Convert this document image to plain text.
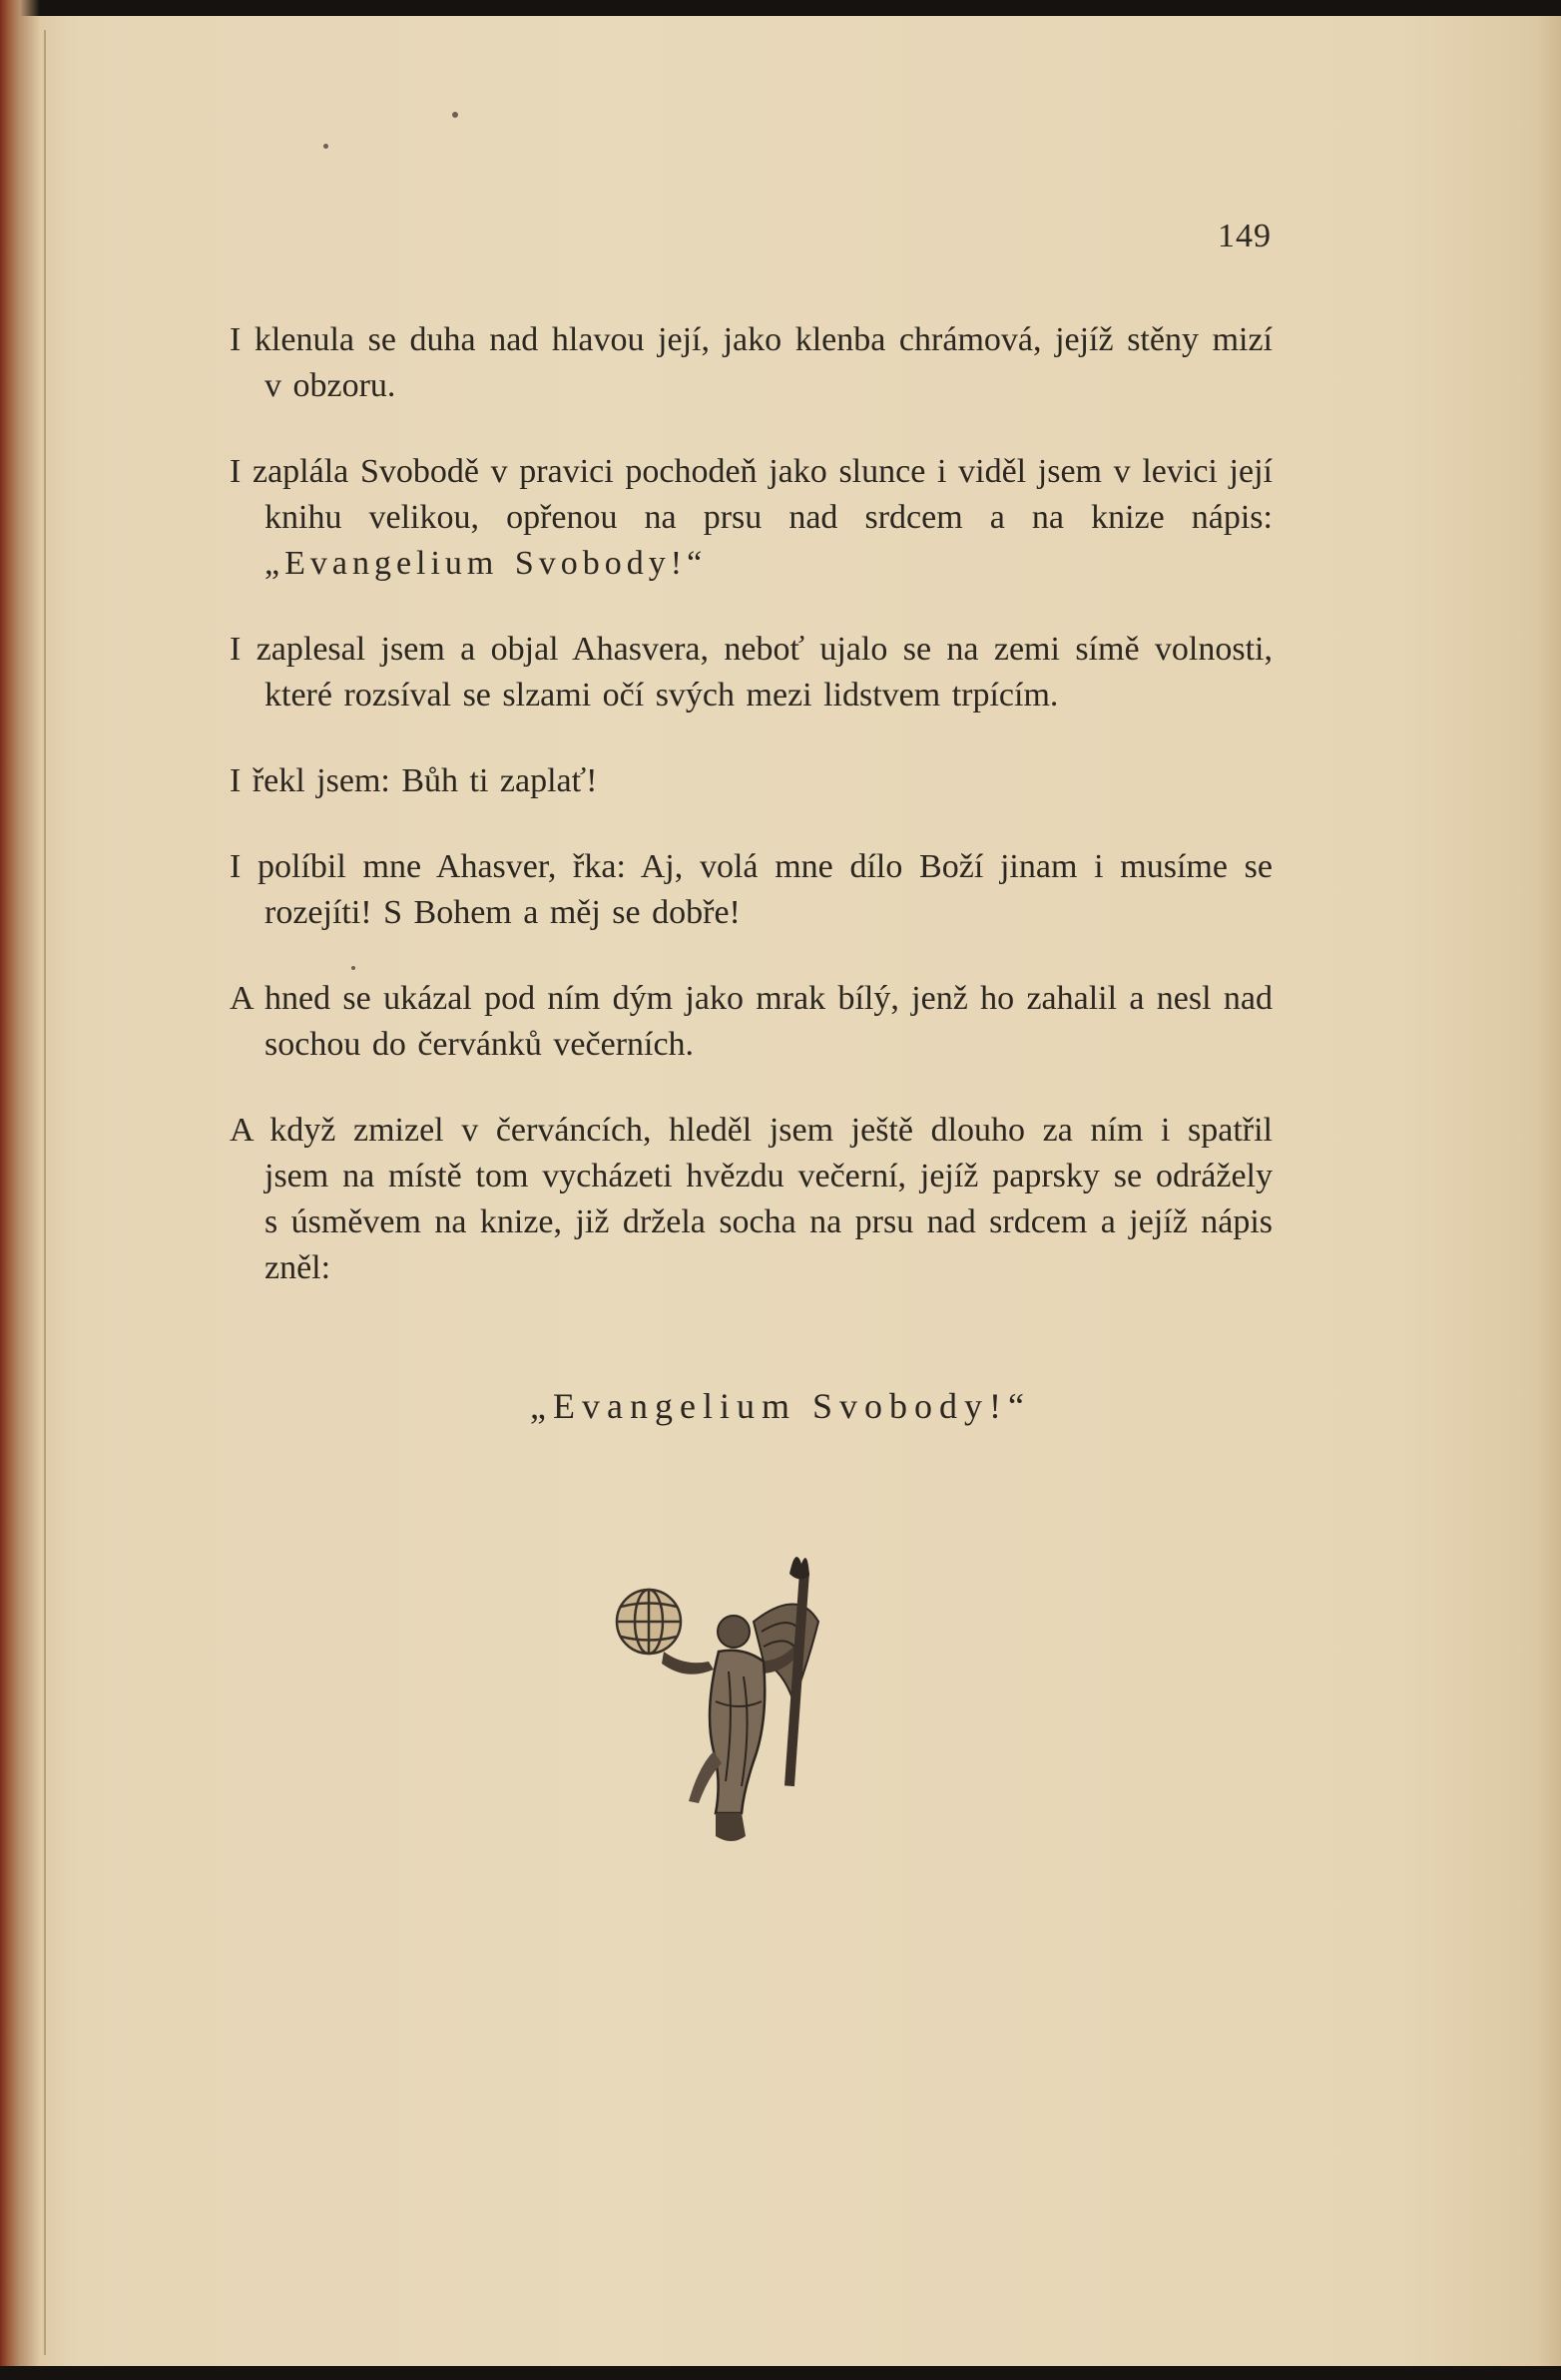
149

I klenula se duha nad hlavou její, jako klenba chrámová, jejíž stěny mizí v obzoru.

I zaplála Svobodě v pravici pochodeň jako slunce i viděl jsem v levici její knihu velikou, opřenou na prsu nad srdcem a na knize nápis: „Evangelium Svobody!“

I zaplesal jsem a objal Ahasvera, neboť ujalo se na zemi símě volnosti, které rozsíval se slzami očí svých mezi lidstvem trpícím.

I řekl jsem: Bůh ti zaplať!

I políbil mne Ahasver, řka: Aj, volá mne dílo Boží jinam i musíme se rozejíti! S Bohem a měj se dobře!

A hned se ukázal pod ním dým jako mrak bílý, jenž ho zahalil a nesl nad sochou do červánků večerních.

A když zmizel v červáncích, hleděl jsem ještě dlouho za ním i spatřil jsem na místě tom vycházeti hvězdu večerní, jejíž paprsky se odrážely s úsměvem na knize, již držela socha na prsu nad srdcem a jejíž nápis zněl:

„Evangelium Svobody!“
